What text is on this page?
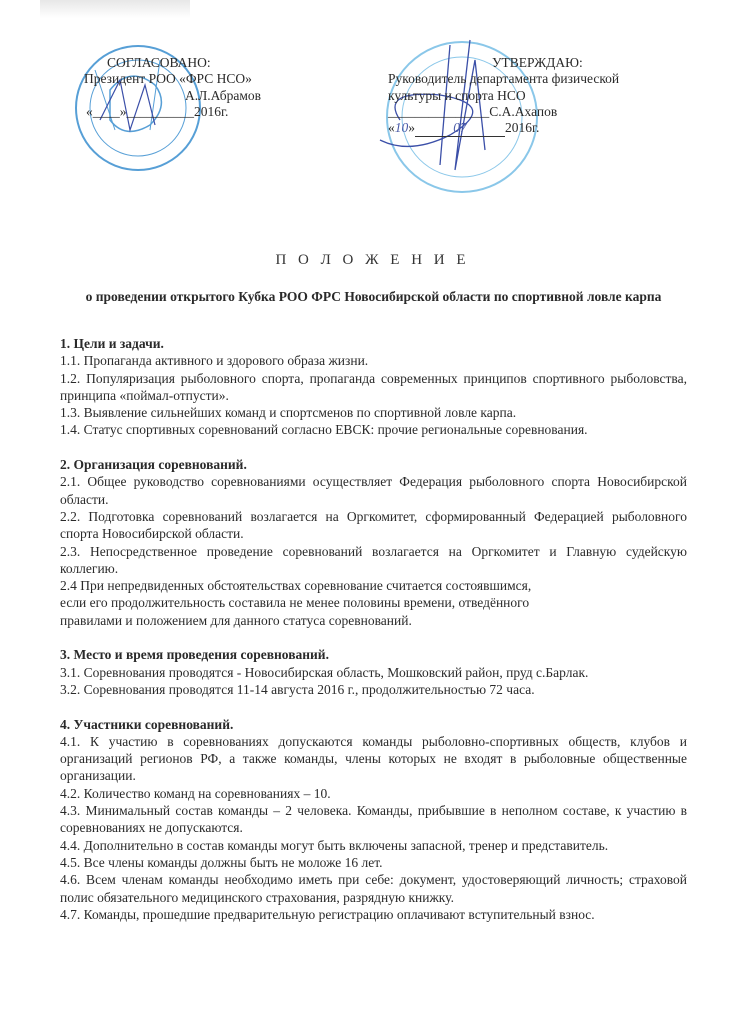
СОГЛАСОВАНО:
Президент РОО «ФРС НСО»
А.Л.Абрамов
«____»__________2016г.
УТВЕРЖДАЮ:
Руководитель департамента физической
культуры и спорта НСО
_______________С.А.Ахапов
«10»	07	2016г.
П О Л О Ж Е Н И Е
о проведении открытого Кубка РОО ФРС Новосибирской области по спортивной ловле карпа
1. Цели и задачи.

1.1. Пропаганда активного и здорового образа жизни.

1.2. Популяризация рыболовного спорта, пропаганда современных принципов спортивного рыболовства, принципа «поймал-отпусти».

1.3. Выявление сильнейших команд и спортсменов по спортивной ловле карпа.

1.4. Статус спортивных соревнований согласно ЕВСК: прочие региональные соревнования.

2. Организация соревнований.

2.1. Общее руководство соревнованиями осуществляет Федерация рыболовного спорта Новосибирской области.

2.2. Подготовка соревнований возлагается на Оргкомитет, сформированный Федерацией рыболовного спорта Новосибирской области.

2.3. Непосредственное проведение соревнований возлагается на Оргкомитет и Главную судейскую коллегию.

2.4 При непредвиденных обстоятельствах соревнование считается состоявшимся,

если его продолжительность составила не менее половины времени, отведённого

правилами и положением для данного статуса соревнований.

3. Место и время проведения соревнований.

3.1. Соревнования проводятся - Новосибирская область, Мошковский район, пруд с.Барлак.

3.2. Соревнования проводятся 11-14 августа 2016 г., продолжительностью 72 часа.

4. Участники соревнований.

4.1. К участию в соревнованиях допускаются команды рыболовно-спортивных обществ, клубов и организаций регионов РФ, а также команды, члены которых не входят в рыболовные общественные организации.

4.2. Количество команд на соревнованиях – 10.

4.3. Минимальный состав команды – 2 человека. Команды, прибывшие в неполном составе, к участию в соревнованиях не допускаются.

4.4. Дополнительно в состав команды могут быть включены запасной, тренер и представитель.

4.5. Все члены команды должны быть не моложе 16 лет.

4.6. Всем членам команды необходимо иметь при себе: документ, удостоверяющий личность; страховой полис обязательного медицинского страхования, разрядную книжку.

4.7. Команды, прошедшие предварительную регистрацию оплачивают вступительный взнос.
